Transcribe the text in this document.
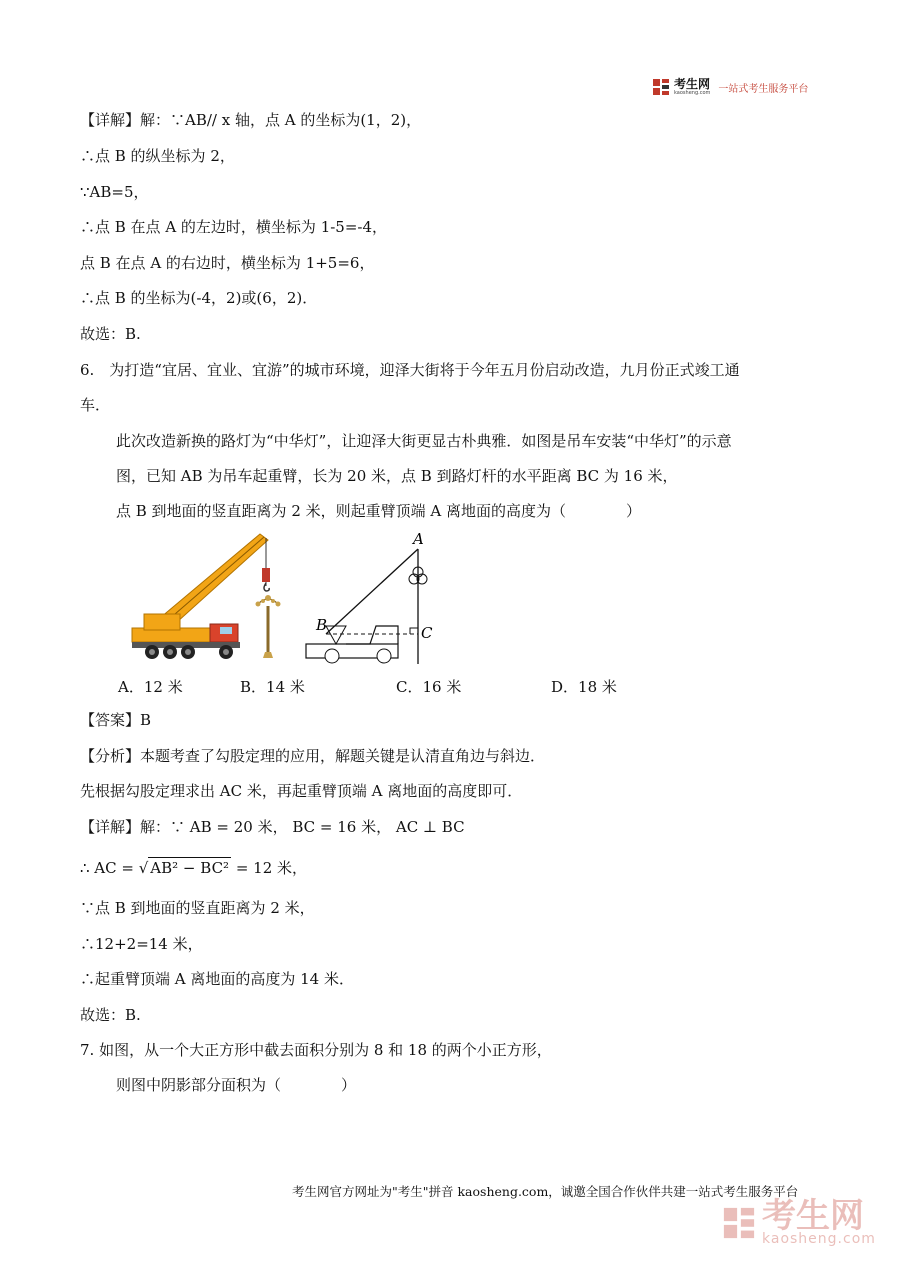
考生网
kaosheng.com 一站式考生服务平台
【详解】解：∵AB// x 轴，点 A 的坐标为(1，2)，
∴点 B 的纵坐标为 2，
∵AB=5，
∴点 B 在点 A 的左边时，横坐标为 1-5=-4，
点 B 在点 A 的右边时，横坐标为 1+5=6，
∴点 B 的坐标为(-4，2)或(6，2)．
故选：B.
6.　为打造“宜居、宜业、宜游”的城市环境，迎泽大街将于今年五月份启动改造，九月份正式竣工通
车．
此次改造新换的路灯为“中华灯”，让迎泽大街更显古朴典雅．如图是吊车安装“中华灯”的示意
图，已知 AB 为吊车起重臂，长为 20 米，点 B 到路灯杆的水平距离 BC 为 16 米，
点 B 到地面的竖直距离为 2 米，则起重臂顶端 A 离地面的高度为（　　　　）
A
B	C
A．12 米	B．14 米	C．16 米	D．18 米
【答案】B
【分析】本题考查了勾股定理的应用，解题关键是认清直角边与斜边．
先根据勾股定理求出 AC 米，再起重臂顶端 A 离地面的高度即可．
【详解】解：∵ AB = 20 米， BC = 16 米， AC ⊥ BC
∴ AC = √ AB² − BC² = 12 米，
∵点 B 到地面的竖直距离为 2 米，
∴12+2=14 米，
∴起重臂顶端 A 离地面的高度为 14 米．
故选：B.
7. 如图，从一个大正方形中截去面积分别为 8 和 18 的两个小正方形，
则图中阴影部分面积为（　　　　）
考生网官方网址为"考生"拼音 kaosheng.com，诚邀全国合作伙伴共建一站式考生服务平台
考生网
kaosheng.com
